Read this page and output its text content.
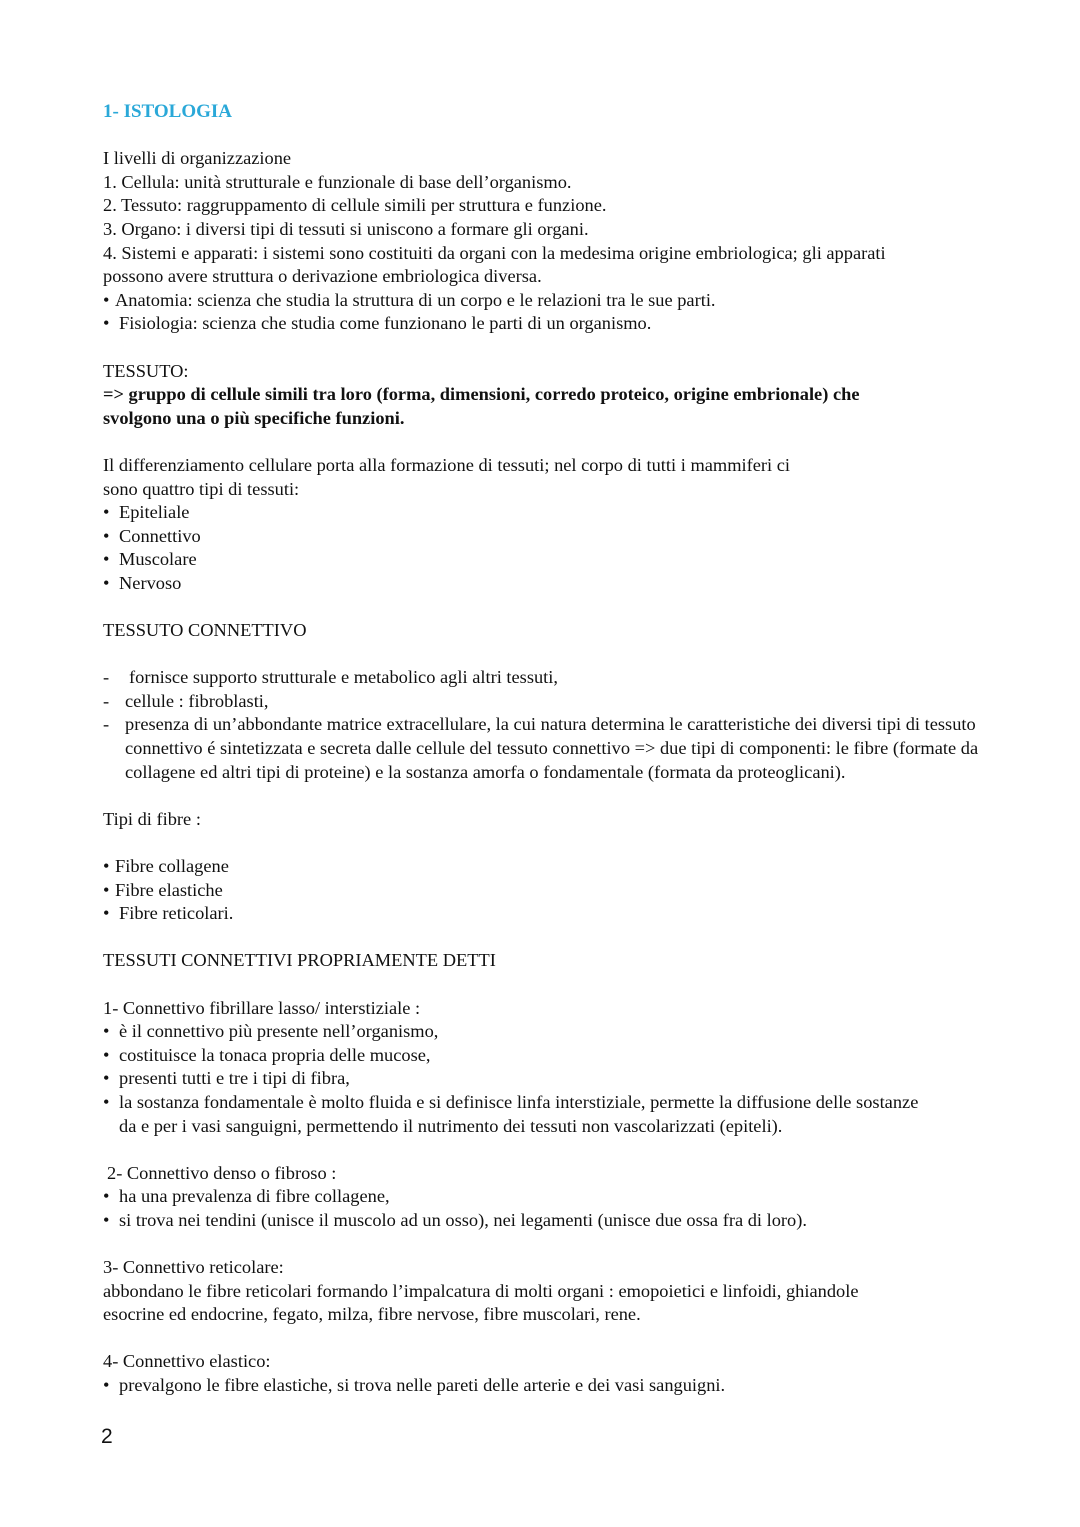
1- ISTOLOGIA
I livelli di organizzazione
1. Cellula: unità strutturale e funzionale di base dell’organismo.
2. Tessuto: raggruppamento di cellule simili per struttura e funzione.
3. Organo: i diversi tipi di tessuti si uniscono a formare gli organi.
4. Sistemi e apparati: i sistemi sono costituiti da organi con la medesima origine embriologica; gli apparati
possono avere struttura o derivazione embriologica diversa.
• Anatomia: scienza che studia la struttura di un corpo e le relazioni tra le sue parti.
• Fisiologia: scienza che studia come funzionano le parti di un organismo.
TESSUTO:
=> gruppo di cellule simili tra loro (forma, dimensioni, corredo proteico, origine embrionale) che
svolgono una o più specifiche funzioni.
Il differenziamento cellulare porta alla formazione di tessuti; nel corpo di tutti i mammiferi ci
sono quattro tipi di tessuti:
• Epiteliale
• Connettivo
• Muscolare
• Nervoso
TESSUTO CONNETTIVO
- fornisce supporto strutturale e metabolico agli altri tessuti,
- cellule : fibroblasti,
- presenza di un’abbondante matrice extracellulare, la cui natura determina le caratteristiche dei diversi tipi di tessuto connettivo é sintetizzata e secreta dalle cellule del tessuto connettivo => due tipi di componenti: le fibre (formate da collagene ed altri tipi di proteine) e la sostanza amorfa o fondamentale (formata da proteoglicani).
Tipi di fibre :
• Fibre collagene
• Fibre elastiche
• Fibre reticolari.
TESSUTI CONNETTIVI PROPRIAMENTE DETTI
1- Connettivo fibrillare lasso/ interstiziale :
• è il connettivo più presente nell’organismo,
• costituisce la tonaca propria delle mucose,
• presenti tutti e tre i tipi di fibra,
• la sostanza fondamentale è molto fluida e si definisce linfa interstiziale, permette la diffusione delle sostanze da e per i vasi sanguigni, permettendo il nutrimento dei tessuti non vascolarizzati (epiteli).
2- Connettivo denso o fibroso :
• ha una prevalenza di fibre collagene,
• si trova nei tendini (unisce il muscolo ad un osso), nei legamenti (unisce due ossa fra di loro).
3- Connettivo reticolare:
abbondano le fibre reticolari formando l’impalcatura di molti organi : emopoietici e linfoidi, ghiandole
esocrine ed endocrine, fegato, milza, fibre nervose, fibre muscolari, rene.
4- Connettivo elastico:
• prevalgono le fibre elastiche, si trova nelle pareti delle arterie e dei vasi sanguigni.
2
